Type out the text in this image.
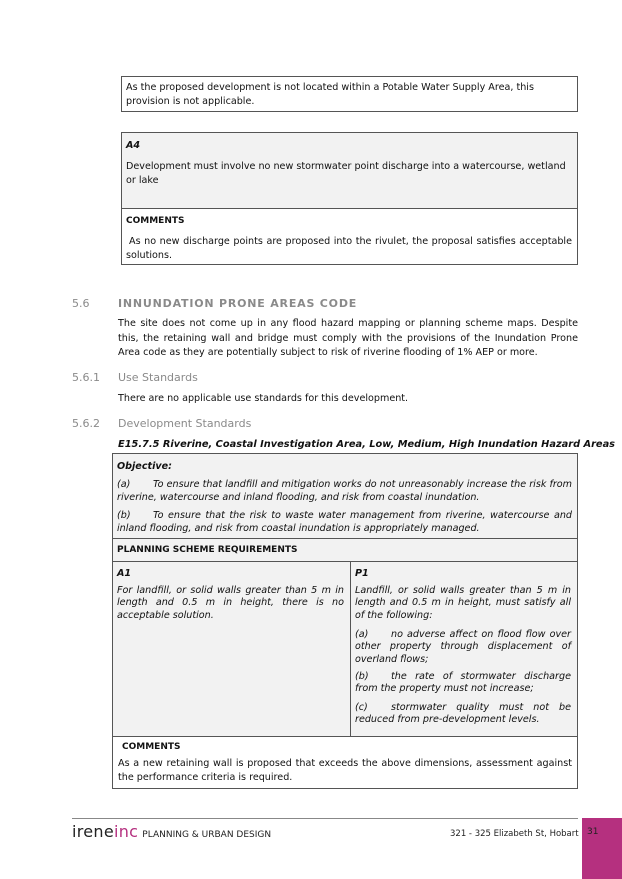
As the proposed development is not located within a Potable Water Supply Area, this provision is not applicable.
A4
Development must involve no new stormwater point discharge into a watercourse, wetland or lake
COMMENTS
As no new discharge points are proposed into the rivulet, the proposal satisfies acceptable solutions.
5.6	INNUNDATION PRONE AREAS CODE
The site does not come up in any flood hazard mapping or planning scheme maps. Despite this, the retaining wall and bridge must comply with the provisions of the Inundation Prone Area code as they are potentially subject to risk of riverine flooding of 1% AEP or more.
5.6.1 Use Standards
There are no applicable use standards for this development.
5.6.2 Development Standards
E15.7.5 Riverine, Coastal Investigation Area, Low, Medium, High Inundation Hazard Areas
Objective:
(a) To ensure that landfill and mitigation works do not unreasonably increase the risk from riverine, watercourse and inland flooding, and risk from coastal inundation.
(b) To ensure that the risk to waste water management from riverine, watercourse and inland flooding, and risk from coastal inundation is appropriately managed.
PLANNING SCHEME REQUIREMENTS
A1
For landfill, or solid walls greater than 5 m in length and 0.5 m in height, there is no acceptable solution.
P1
Landfill, or solid walls greater than 5 m in length and 0.5 m in height, must satisfy all of the following:
(a) no adverse affect on flood flow over other property through displacement of overland flows;
(b) the rate of stormwater discharge from the property must not increase;
(c) stormwater quality must not be reduced from pre-development levels.
COMMENTS
As a new retaining wall is proposed that exceeds the above dimensions, assessment against the performance criteria is required.
ireneinc PLANNING & URBAN DESIGN	321 - 325 Elizabeth St, Hobart 31
